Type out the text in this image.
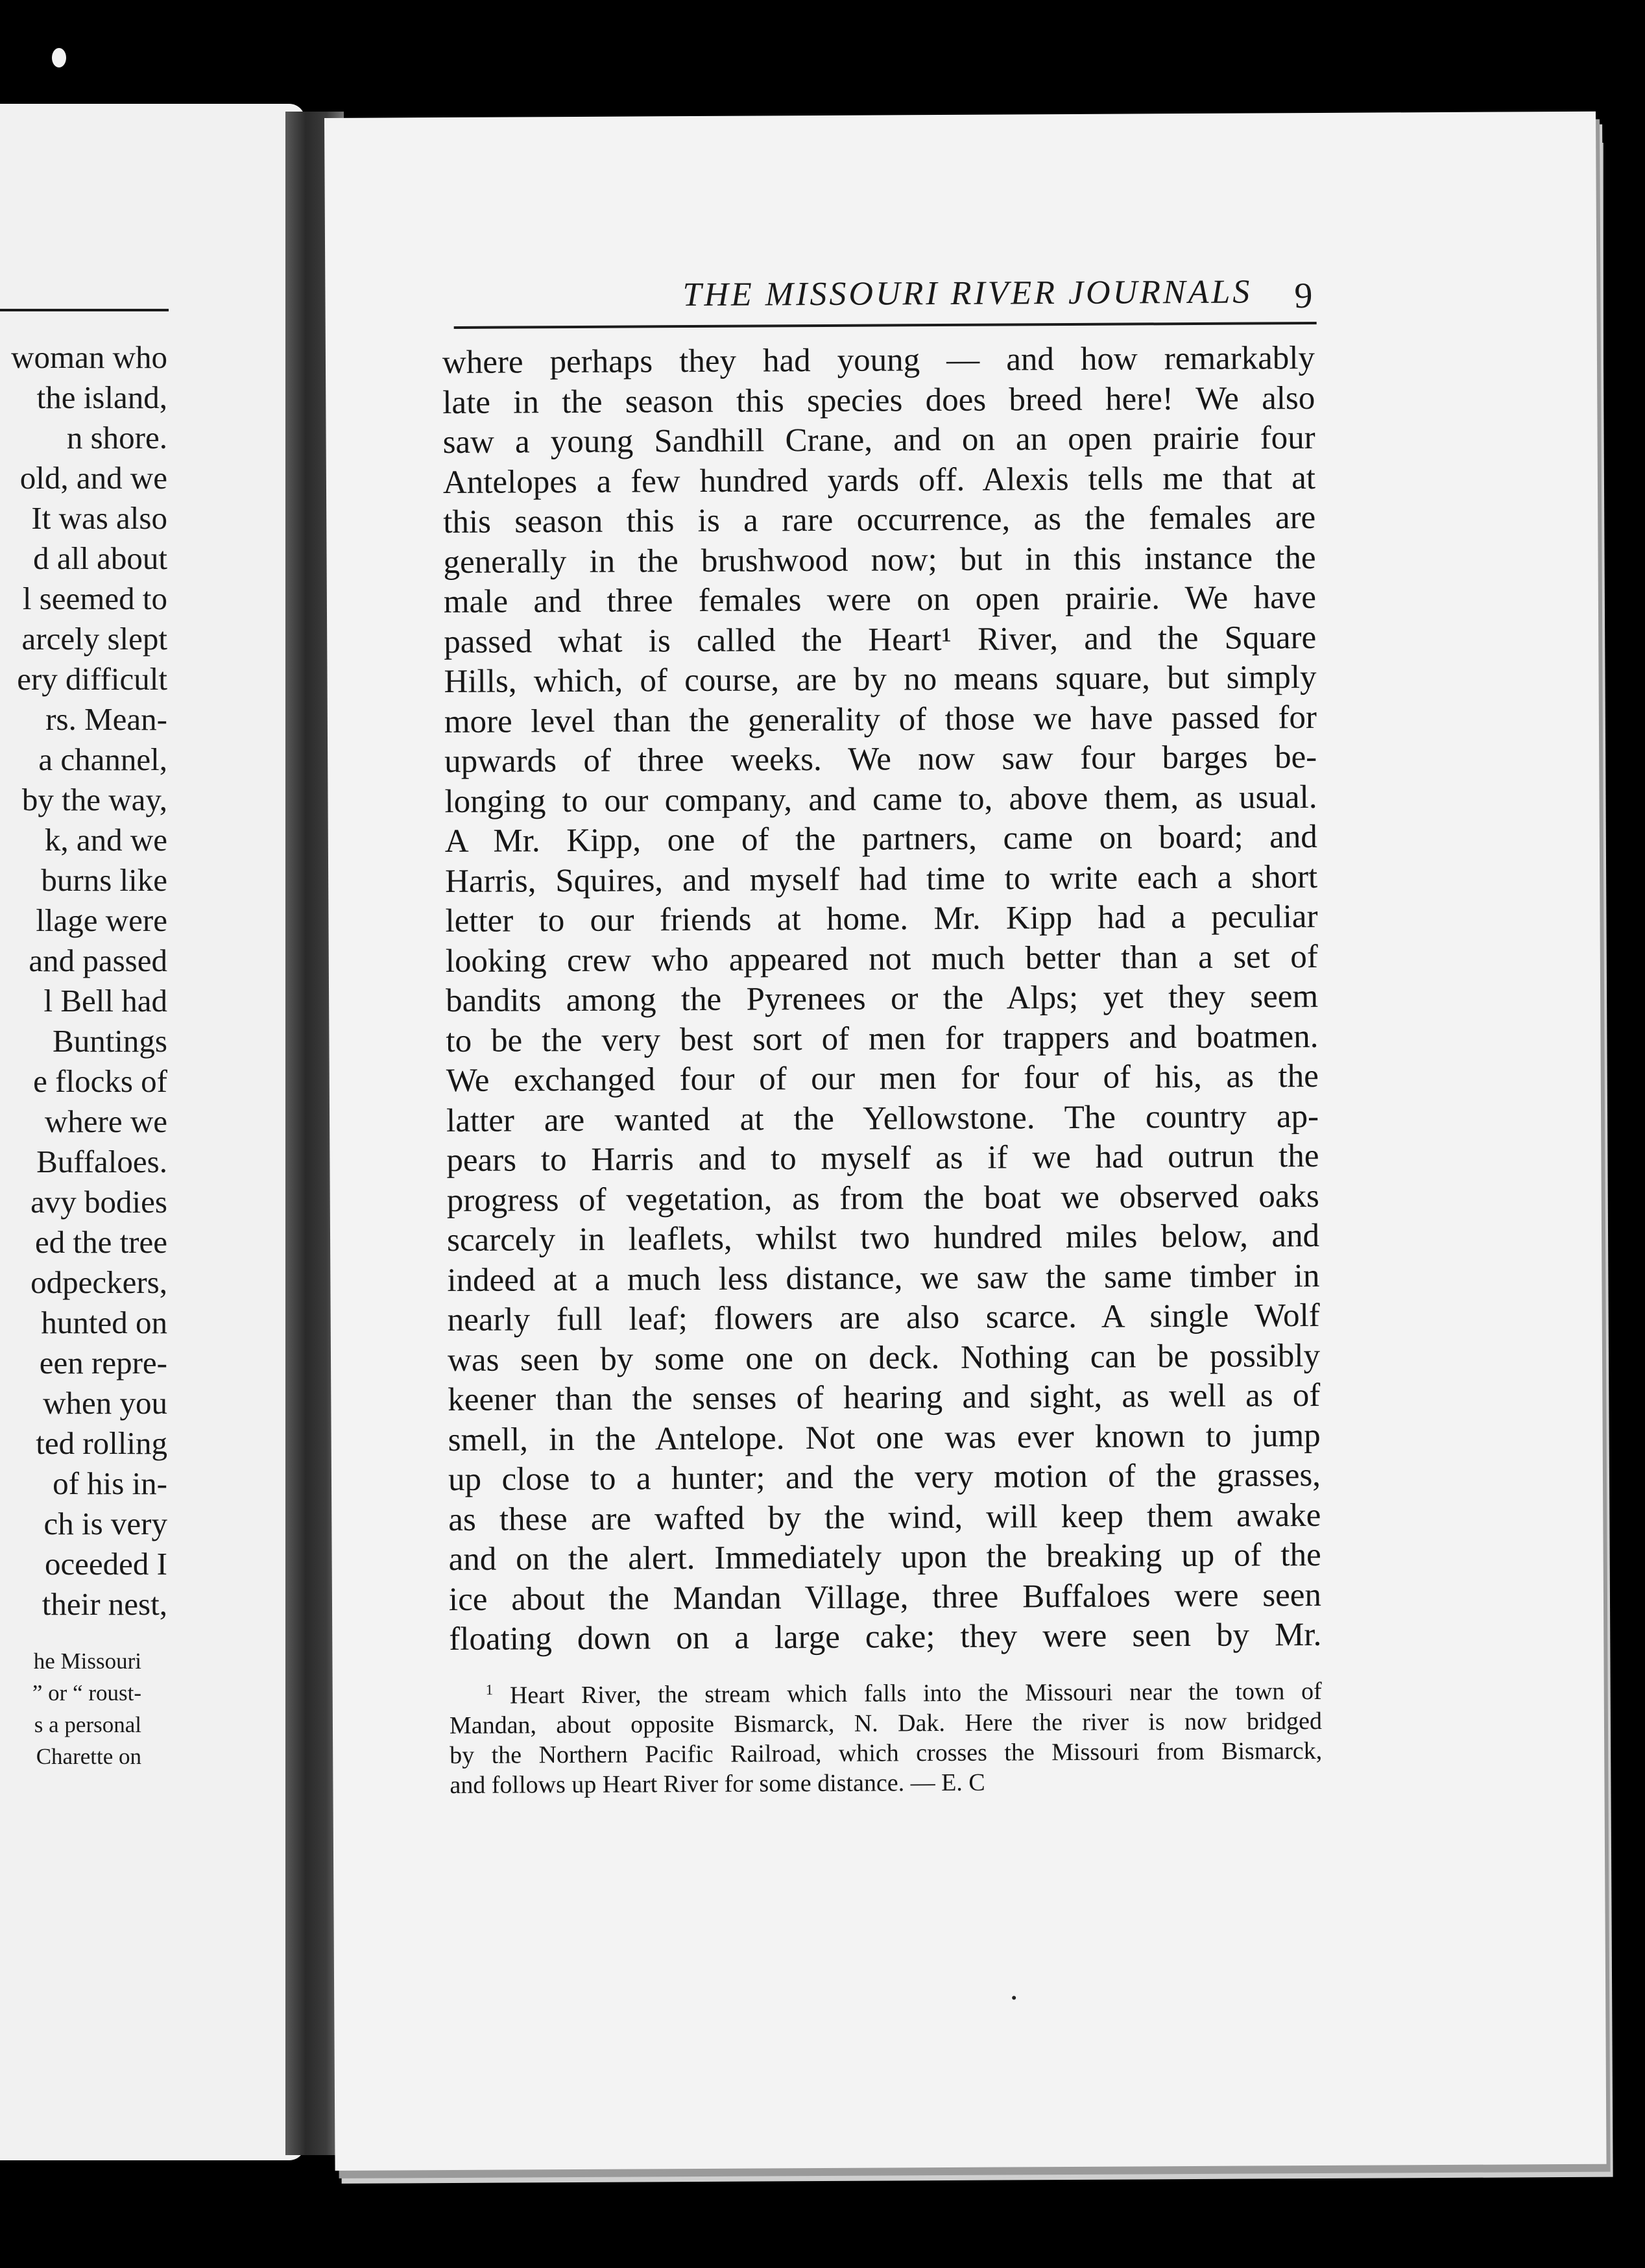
woman who
the island,
n shore.
old, and we
It was also
d all about
l seemed to
arcely slept
ery difficult
rs. Mean-
a channel,
by the way,
k, and we
burns like
llage were
and passed
l Bell had
Buntings
e flocks of
where we
Buffaloes.
avy bodies
ed the tree
odpeckers,
hunted on
een repre-
when you
ted rolling
of his in-
ch is very
oceeded I
their nest,
he Missouri
” or “ roust-
s a personal
Charette on
THE MISSOURI RIVER JOURNALS	9
where perhaps they had young — and how remarkably
late in the season this species does breed here! We also
saw a young Sandhill Crane, and on an open prairie four
Antelopes a few hundred yards off. Alexis tells me that at
this season this is a rare occurrence, as the females are
generally in the brushwood now; but in this instance the
male and three females were on open prairie. We have
passed what is called the Heart¹ River, and the Square
Hills, which, of course, are by no means square, but simply
more level than the generality of those we have passed for
upwards of three weeks. We now saw four barges be-
longing to our company, and came to, above them, as usual.
A Mr. Kipp, one of the partners, came on board; and
Harris, Squires, and myself had time to write each a short
letter to our friends at home. Mr. Kipp had a peculiar
looking crew who appeared not much better than a set of
bandits among the Pyrenees or the Alps; yet they seem
to be the very best sort of men for trappers and boatmen.
We exchanged four of our men for four of his, as the
latter are wanted at the Yellowstone. The country ap-
pears to Harris and to myself as if we had outrun the
progress of vegetation, as from the boat we observed oaks
scarcely in leaflets, whilst two hundred miles below, and
indeed at a much less distance, we saw the same timber in
nearly full leaf; flowers are also scarce. A single Wolf
was seen by some one on deck. Nothing can be possibly
keener than the senses of hearing and sight, as well as of
smell, in the Antelope. Not one was ever known to jump
up close to a hunter; and the very motion of the grasses,
as these are wafted by the wind, will keep them awake
and on the alert. Immediately upon the breaking up of the
ice about the Mandan Village, three Buffaloes were seen
floating down on a large cake; they were seen by Mr.
$^1$ Heart River, the stream which falls into the Missouri near the town of
Mandan, about opposite Bismarck, N. Dak. Here the river is now bridged
by the Northern Pacific Railroad, which crosses the Missouri from Bismarck,
and follows up Heart River for some distance. — E. C
